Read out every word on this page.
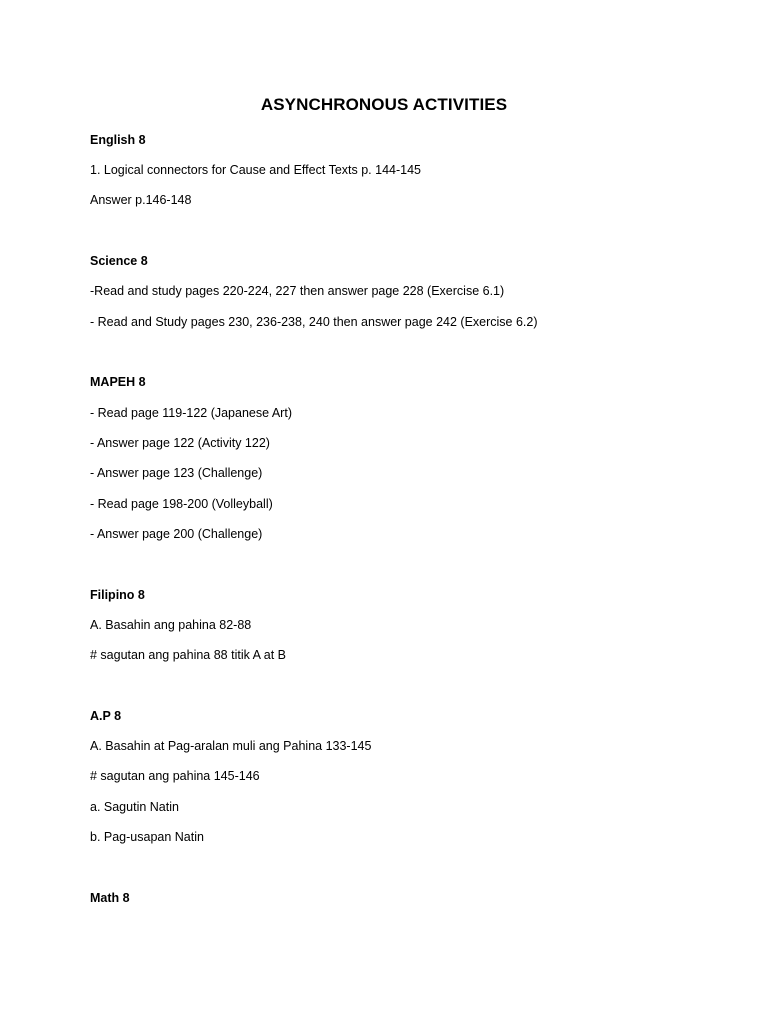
ASYNCHRONOUS ACTIVITIES
English 8
1. Logical connectors for Cause and Effect Texts p. 144-145
Answer p.146-148
Science 8
-Read and study pages 220-224, 227 then answer page 228 (Exercise 6.1)
- Read and Study pages 230, 236-238, 240 then answer page 242 (Exercise 6.2)
MAPEH 8
- Read page 119-122 (Japanese Art)
- Answer page 122 (Activity 122)
- Answer page 123 (Challenge)
- Read page 198-200 (Volleyball)
- Answer page 200 (Challenge)
Filipino 8
A. Basahin ang pahina 82-88
# sagutan ang pahina 88 titik A at B
A.P 8
A. Basahin at Pag-aralan muli ang Pahina 133-145
# sagutan ang pahina 145-146
a. Sagutin Natin
b. Pag-usapan Natin
Math 8
